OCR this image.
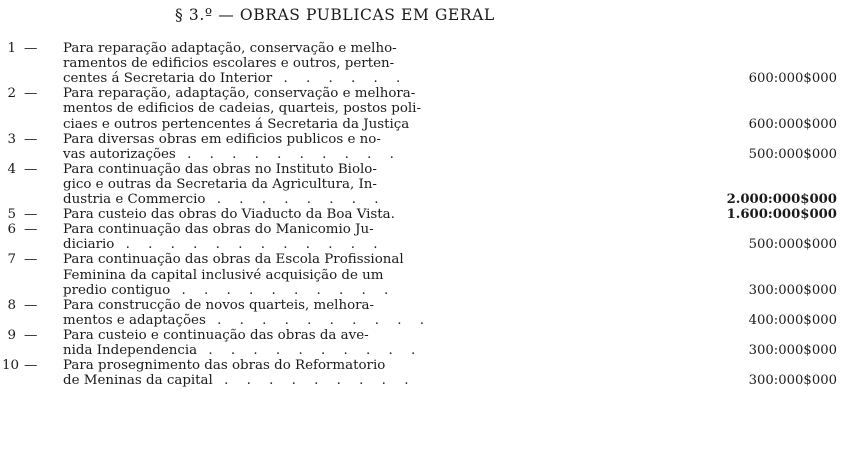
§ 3.º — OBRAS PUBLICAS EM GERAL
1 — Para reparação adaptação, conservação e melho-
ramentos de edificios escolares e outros, perten-
centes á Secretaria do Interior . . . . . .	600:000$000
2 — Para reparação, adaptação, conservação e melhora-
mentos de edificios de cadeias, quarteis, postos poli-
ciaes e outros pertencentes á Secretaria da Justiça	600:000$000
3 — Para diversas obras em edificios publicos e no-
vas autorizações . . . . . . . . . .	500:000$000
4 — Para continuação das obras no Instituto Biolo-
gico e outras da Secretaria da Agricultura, In-
dustria e Commercio . . . . . . . .	2.000:000$000
5 — Para custeio das obras do Viaducto da Boa Vista.	1.600:000$000
6 — Para continuação das obras do Manicomio Ju-
diciario . . . . . . . . . . . .	500:000$000
7 — Para continuação das obras da Escola Profissional
Feminina da capital inclusivé acquisição de um
predio contiguo . . . . . . . . . .	300:000$000
8 — Para construcção de novos quarteis, melhora-
mentos e adaptações . . . . . . . . . .	400:000$000
9 — Para custeio e continuação das obras da ave-
nida Independencia . . . . . . . . . .	300:000$000
10 — Para prosegnimento das obras do Reformatorio
de Meninas da capital . . . . . . . . .	300:000$000
